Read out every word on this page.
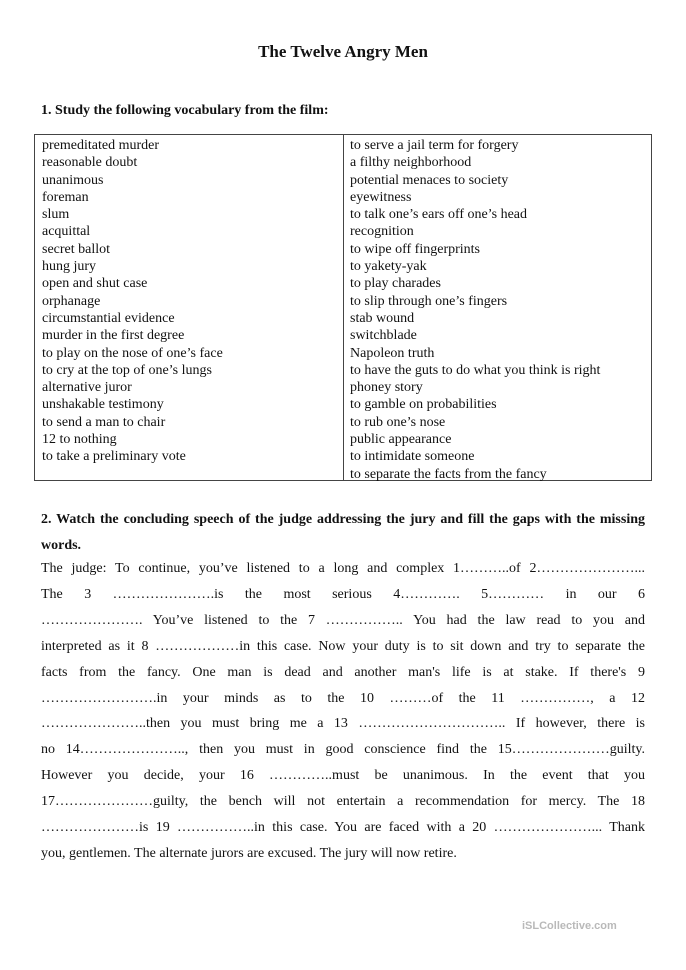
The Twelve Angry Men
1. Study the following vocabulary from the film:
premeditated murder
reasonable doubt
unanimous
foreman
slum
acquittal
secret ballot
hung jury
open and shut case
orphanage
circumstantial evidence
murder in the first degree
to play on the nose of one’s face
to cry at the top of one’s lungs
alternative juror
unshakable testimony
to send a man to chair
12 to nothing
to take a preliminary vote
to serve a jail term for forgery
a filthy neighborhood
potential menaces to society
eyewitness
to talk one’s ears off one’s head
recognition
to wipe off fingerprints
to yakety-yak
to play charades
to slip through one’s fingers
stab wound
switchblade
Napoleon truth
to have the guts to do what you think is right
phoney story
to gamble on probabilities
to rub one’s nose
public appearance
to intimidate someone
to separate the facts from the fancy
2. Watch the concluding speech of the judge addressing the jury and fill the gaps with the missing words.
The judge: To continue, you’ve listened to a long and complex 1………..of 2…………………...
The 3 ………………….is the most serious 4…………. 5………… in our 6
…………………. You’ve listened to the 7 …………….. You had the law read to you and
interpreted as it 8 ………………in this case. Now your duty is to sit down and try to separate the
facts from the fancy. One man is dead and another man's life is at stake. If there's 9
…………………….in your minds as to the 10 ………of the 11 ……………, a 12
…………………..then you must bring me a 13 ………………………….. If however, there is
no 14………………….., then you must in good conscience find the 15…………………guilty.
However you decide, your 16 …………..must be unanimous. In the event that you
17…………………guilty, the bench will not entertain a recommendation for mercy. The 18
…………………is 19 ……………..in this case. You are faced with a 20 …………………... Thank
you, gentlemen. The alternate jurors are excused. The jury will now retire.
iSLCollective.com
